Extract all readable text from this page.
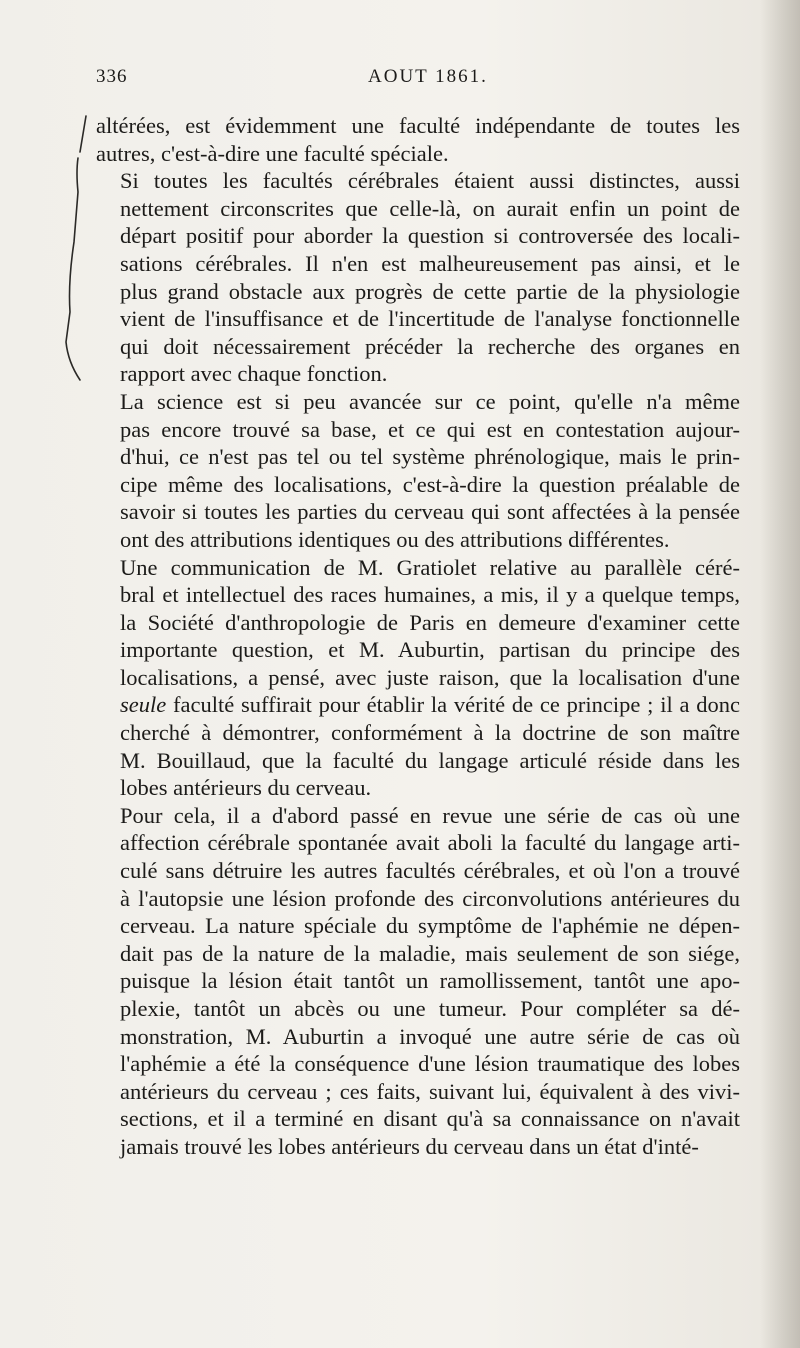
336	AOUT 1861.

altérées, est évidemment une faculté indépendante de toutes les
autres, c'est-à-dire une faculté spéciale.

Si toutes les facultés cérébrales étaient aussi distinctes, aussi
nettement circonscrites que celle-là, on aurait enfin un point de
départ positif pour aborder la question si controversée des locali-
sations cérébrales. Il n'en est malheureusement pas ainsi, et le
plus grand obstacle aux progrès de cette partie de la physiologie
vient de l'insuffisance et de l'incertitude de l'analyse fonctionnelle
qui doit nécessairement précéder la recherche des organes en
rapport avec chaque fonction.

La science est si peu avancée sur ce point, qu'elle n'a même
pas encore trouvé sa base, et ce qui est en contestation aujour-
d'hui, ce n'est pas tel ou tel système phrénologique, mais le prin-
cipe même des localisations, c'est-à-dire la question préalable de
savoir si toutes les parties du cerveau qui sont affectées à la pensée
ont des attributions identiques ou des attributions différentes.

Une communication de M. Gratiolet relative au parallèle céré-
bral et intellectuel des races humaines, a mis, il y a quelque temps,
la Société d'anthropologie de Paris en demeure d'examiner cette
importante question, et M. Auburtin, partisan du principe des
localisations, a pensé, avec juste raison, que la localisation d'une
seule faculté suffirait pour établir la vérité de ce principe ; il a donc
cherché à démontrer, conformément à la doctrine de son maître
M. Bouillaud, que la faculté du langage articulé réside dans les
lobes antérieurs du cerveau.

Pour cela, il a d'abord passé en revue une série de cas où une
affection cérébrale spontanée avait aboli la faculté du langage arti-
culé sans détruire les autres facultés cérébrales, et où l'on a trouvé
à l'autopsie une lésion profonde des circonvolutions antérieures du
cerveau. La nature spéciale du symptôme de l'aphémie ne dépen-
dait pas de la nature de la maladie, mais seulement de son siége,
puisque la lésion était tantôt un ramollissement, tantôt une apo-
plexie, tantôt un abcès ou une tumeur. Pour compléter sa dé-
monstration, M. Auburtin a invoqué une autre série de cas où
l'aphémie a été la conséquence d'une lésion traumatique des lobes
antérieurs du cerveau ; ces faits, suivant lui, équivalent à des vivi-
sections, et il a terminé en disant qu'à sa connaissance on n'avait
jamais trouvé les lobes antérieurs du cerveau dans un état d'inté-
